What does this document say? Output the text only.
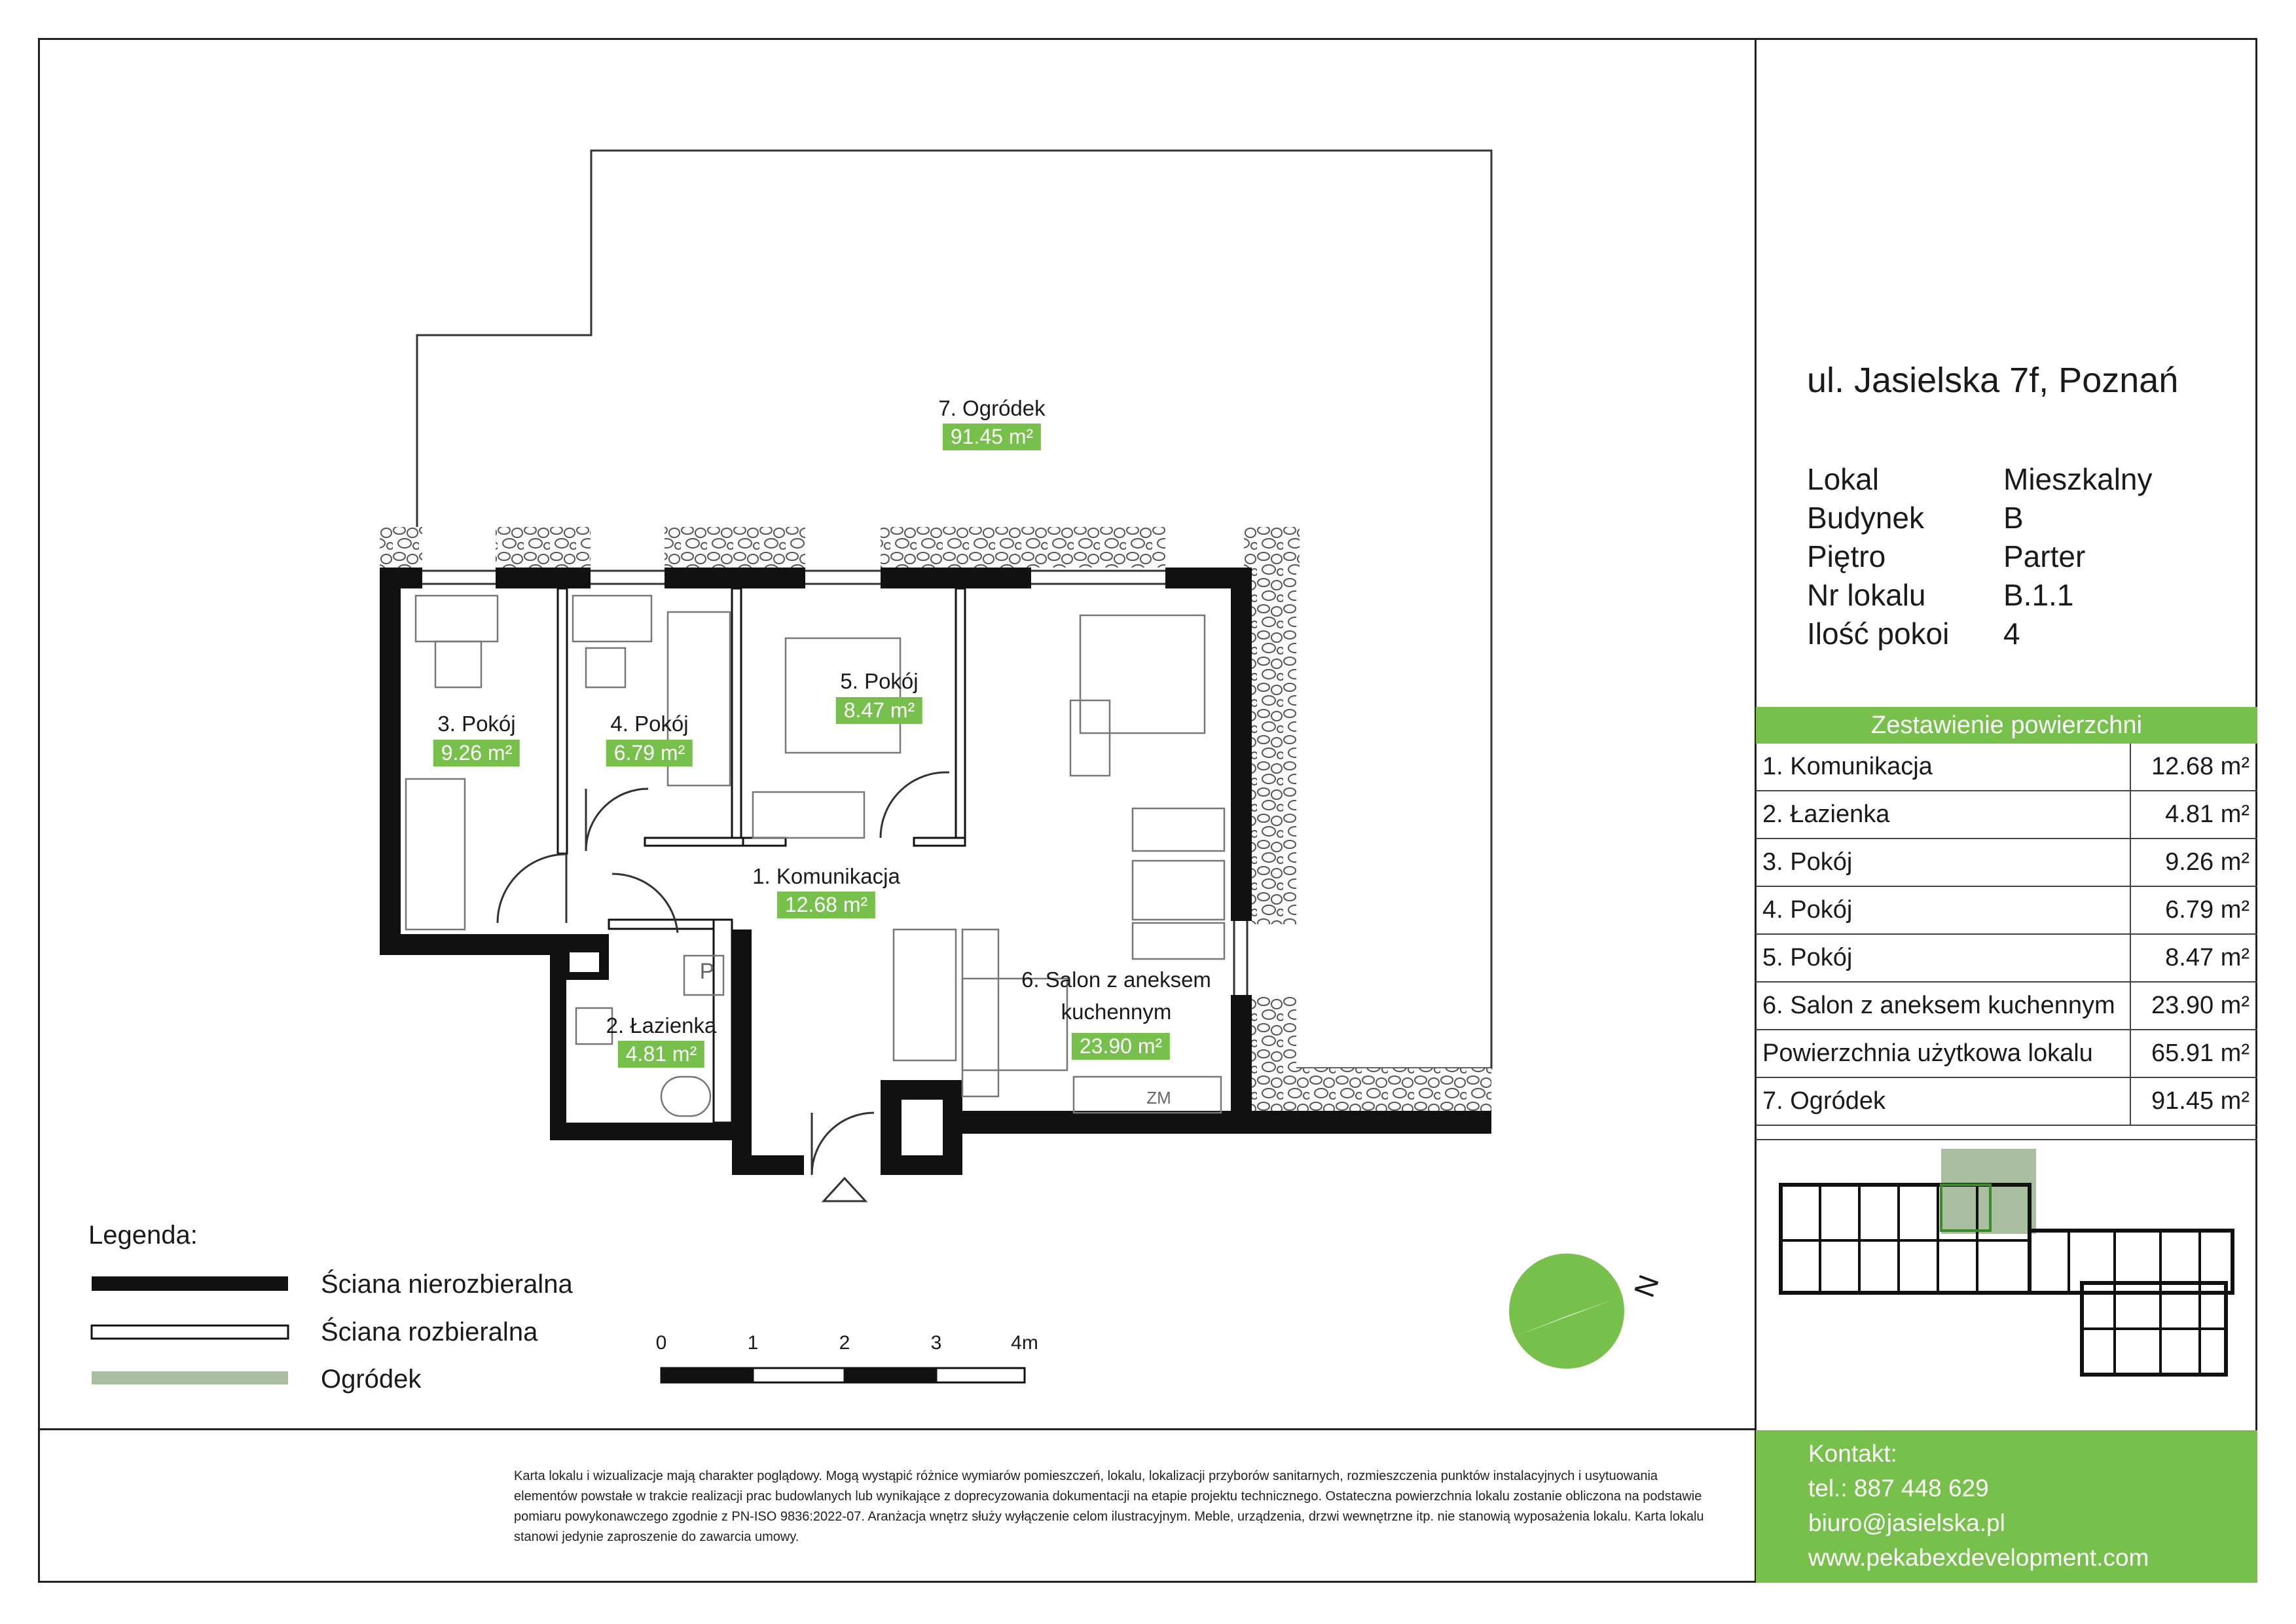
7. Ogródek
91.45 m²
3. Pokój
9.26 m²
4. Pokój
6.79 m²
5. Pokój
8.47 m²
1. Komunikacja
12.68 m²
2. Łazienka
4.81 m²
6. Salon z aneksem
kuchennym
23.90 m²
ZM
P
ul. Jasielska 7f, Poznań
Lokal	Mieszkalny
Budynek	B
Piętro	Parter
Nr lokalu	B.1.1
Ilość pokoi 4
Zestawienie powierzchni
1. Komunikacja	12.68 m²
2. Łazienka	4.81 m²
3. Pokój	9.26 m²
4. Pokój	6.79 m²
5. Pokój	8.47 m²
6. Salon z aneksem kuchennym 23.90 m²
Powierzchnia użytkowa lokalu 65.91 m²
7. Ogródek	91.45 m²
Legenda:
Ściana nierozbieralna
Ściana rozbieralna
Ogródek
0	1	2	3	4m
N
Karta lokalu i wizualizacje mają charakter poglądowy. Mogą wystąpić różnice wymiarów pomieszczeń, lokalu, lokalizacji przyborów sanitarnych, rozmieszczenia punktów instalacyjnych i usytuowania elementów powstałe w trakcie realizacji prac budowlanych lub wynikające z doprecyzowania dokumentacji na etapie projektu technicznego. Ostateczna powierzchnia lokalu zostanie obliczona na podstawie pomiaru powykonawczego zgodnie z PN-ISO 9836:2022-07. Aranżacja wnętrz służy wyłączenie celom ilustracyjnym. Meble, urządzenia, drzwi wewnętrzne itp. nie stanowią wyposażenia lokalu. Karta lokalu stanowi jedynie zaproszenie do zawarcia umowy.
Kontakt:
tel.: 887 448 629
biuro@jasielska.pl
www.pekabexdevelopment.com
